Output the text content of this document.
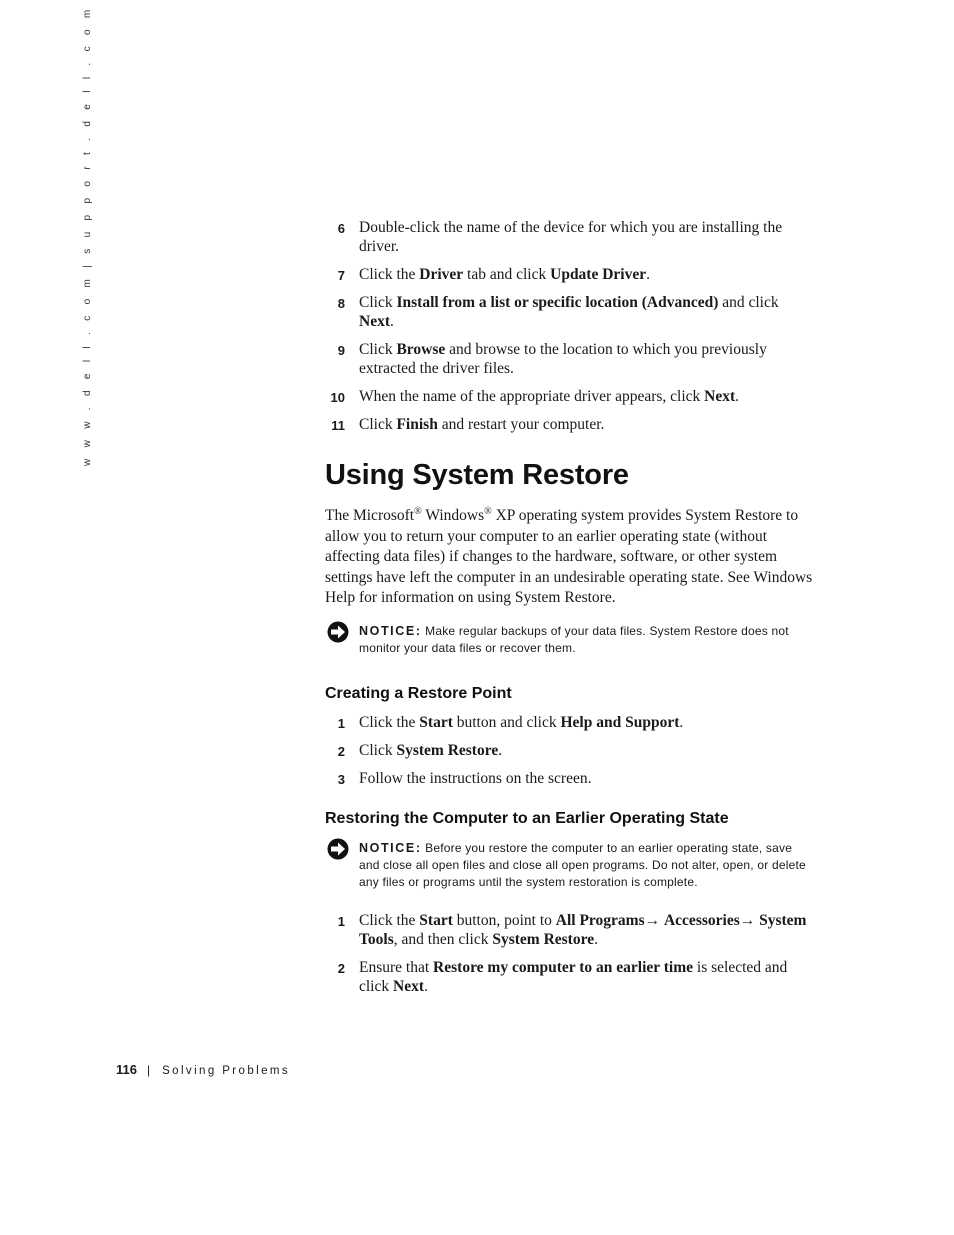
w w w . d e l l . c o m | s u p p o r t . d e l l . c o m	6 Double-click the name of the device for which you are installing the driver.
7 Click the Driver tab and click Update Driver.
8 Click Install from a list or specific location (Advanced) and click Next.
9 Click Browse and browse to the location to which you previously extracted the driver files.
10 When the name of the appropriate driver appears, click Next.
11 Click Finish and restart your computer.
Using System Restore

The Microsoft® Windows® XP operating system provides System Restore to allow you to return your computer to an earlier operating state (without affecting data files) if changes to the hardware, software, or other system settings have left the computer in an undesirable operating state. See Windows Help for information on using System Restore.

NOTICE: Make regular backups of your data files. System Restore does not monitor your data files or recover them.
Creating a Restore Point
1 Click the Start button and click Help and Support.
2 Click System Restore.
3 Follow the instructions on the screen.
Restoring the Computer to an Earlier Operating State
NOTICE: Before you restore the computer to an earlier operating state, save and close all open files and close all open programs. Do not alter, open, or delete any files or programs until the system restoration is complete.
1 Click the Start button, point to All Programs→ Accessories→ System Tools, and then click System Restore.
2 Ensure that Restore my computer to an earlier time is selected and click Next.
116 | Solving Problems
